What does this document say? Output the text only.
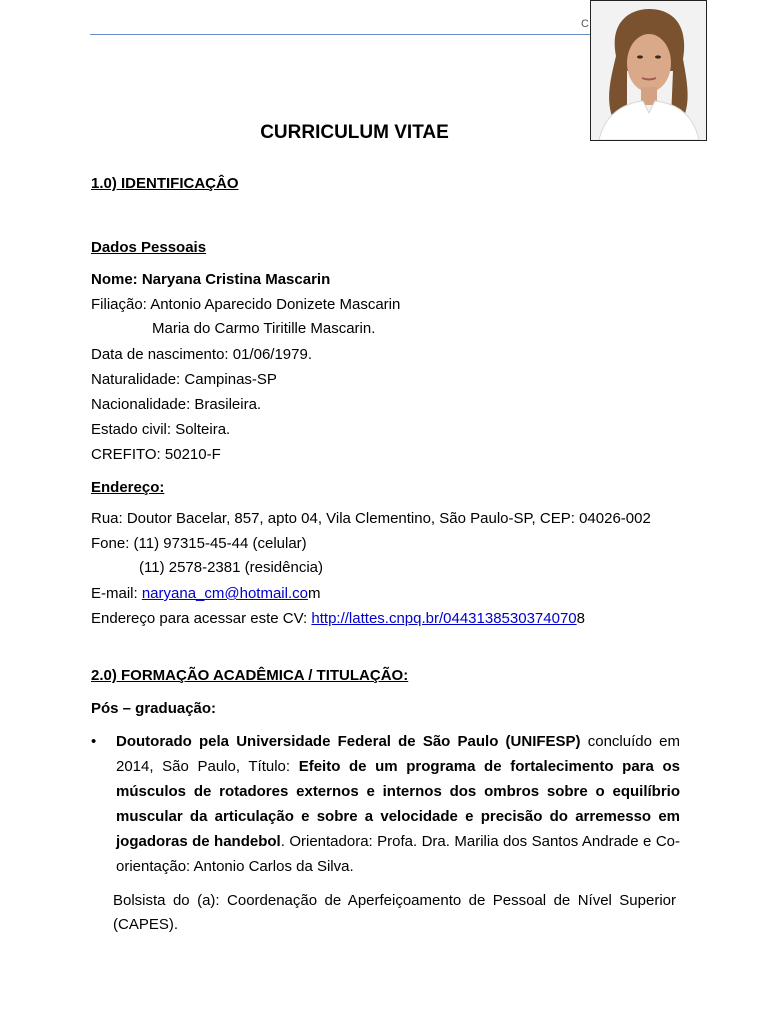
C
CURRICULUM VITAE
1.0) IDENTIFICAÇÂO
Dados Pessoais
Nome: Naryana Cristina Mascarin
Filiação: Antonio Aparecido Donizete Mascarin
Maria do Carmo Tiritille Mascarin.
Data de nascimento: 01/06/1979.
Naturalidade: Campinas-SP
Nacionalidade: Brasileira.
Estado civil: Solteira.
CREFITO: 50210-F
Endereço:
Rua: Doutor Bacelar, 857, apto 04, Vila Clementino, São Paulo-SP, CEP: 04026-002
Fone: (11) 97315-45-44 (celular)
(11) 2578-2381 (residência)
E-mail: naryana_cm@hotmail.com
Endereço para acessar este CV: http://lattes.cnpq.br/04431385303740708
2.0) FORMAÇÃO ACADÊMICA / TITULAÇÃO:
Pós – graduação:
• Doutorado pela Universidade Federal de São Paulo (UNIFESP) concluído em 2014, São Paulo, Título: Efeito de um programa de fortalecimento para os músculos de rotadores externos e internos dos ombros sobre o equilíbrio muscular da articulação e sobre a velocidade e precisão do arremesso em jogadoras de handebol. Orientadora: Profa. Dra. Marilia dos Santos Andrade e Co-orientação: Antonio Carlos da Silva.
Bolsista do (a): Coordenação de Aperfeiçoamento de Pessoal de Nível Superior (CAPES).
